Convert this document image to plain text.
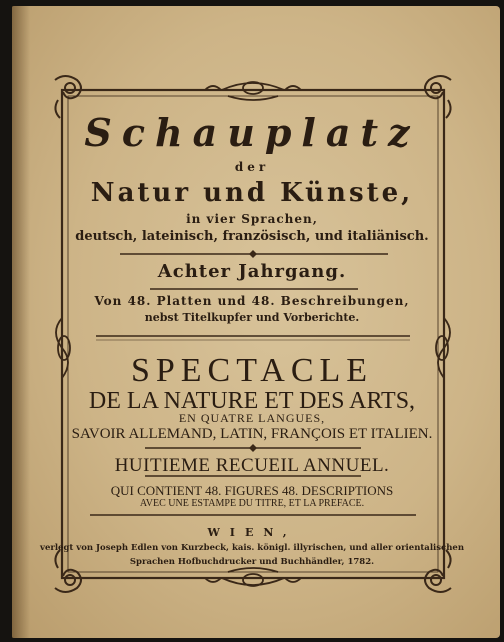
Schauplatz

der

Natur und Künste,

in vier Sprachen,

deutsch, lateinisch, französisch, und italiänisch.

Achter Jahrgang.

Von 48. Platten und 48. Beschreibungen,

nebst Titelkupfer und Vorberichte.

SPECTACLE

DE LA NATURE ET DES ARTS,

EN QUATRE LANGUES,

SAVOIR ALLEMAND, LATIN, FRANÇOIS ET ITALIEN.

HUITIEME RECUEIL ANNUEL.

QUI CONTIENT 48. FIGURES 48. DESCRIPTIONS

AVEC UNE ESTAMPE DU TITRE, ET LA PREFACE.

WIEN,

verlegt von Joseph Edlen von Kurzbeck, kais. königl. illyrischen, und aller orientalischen

Sprachen Hofbuchdrucker und Buchhändler, 1782.
